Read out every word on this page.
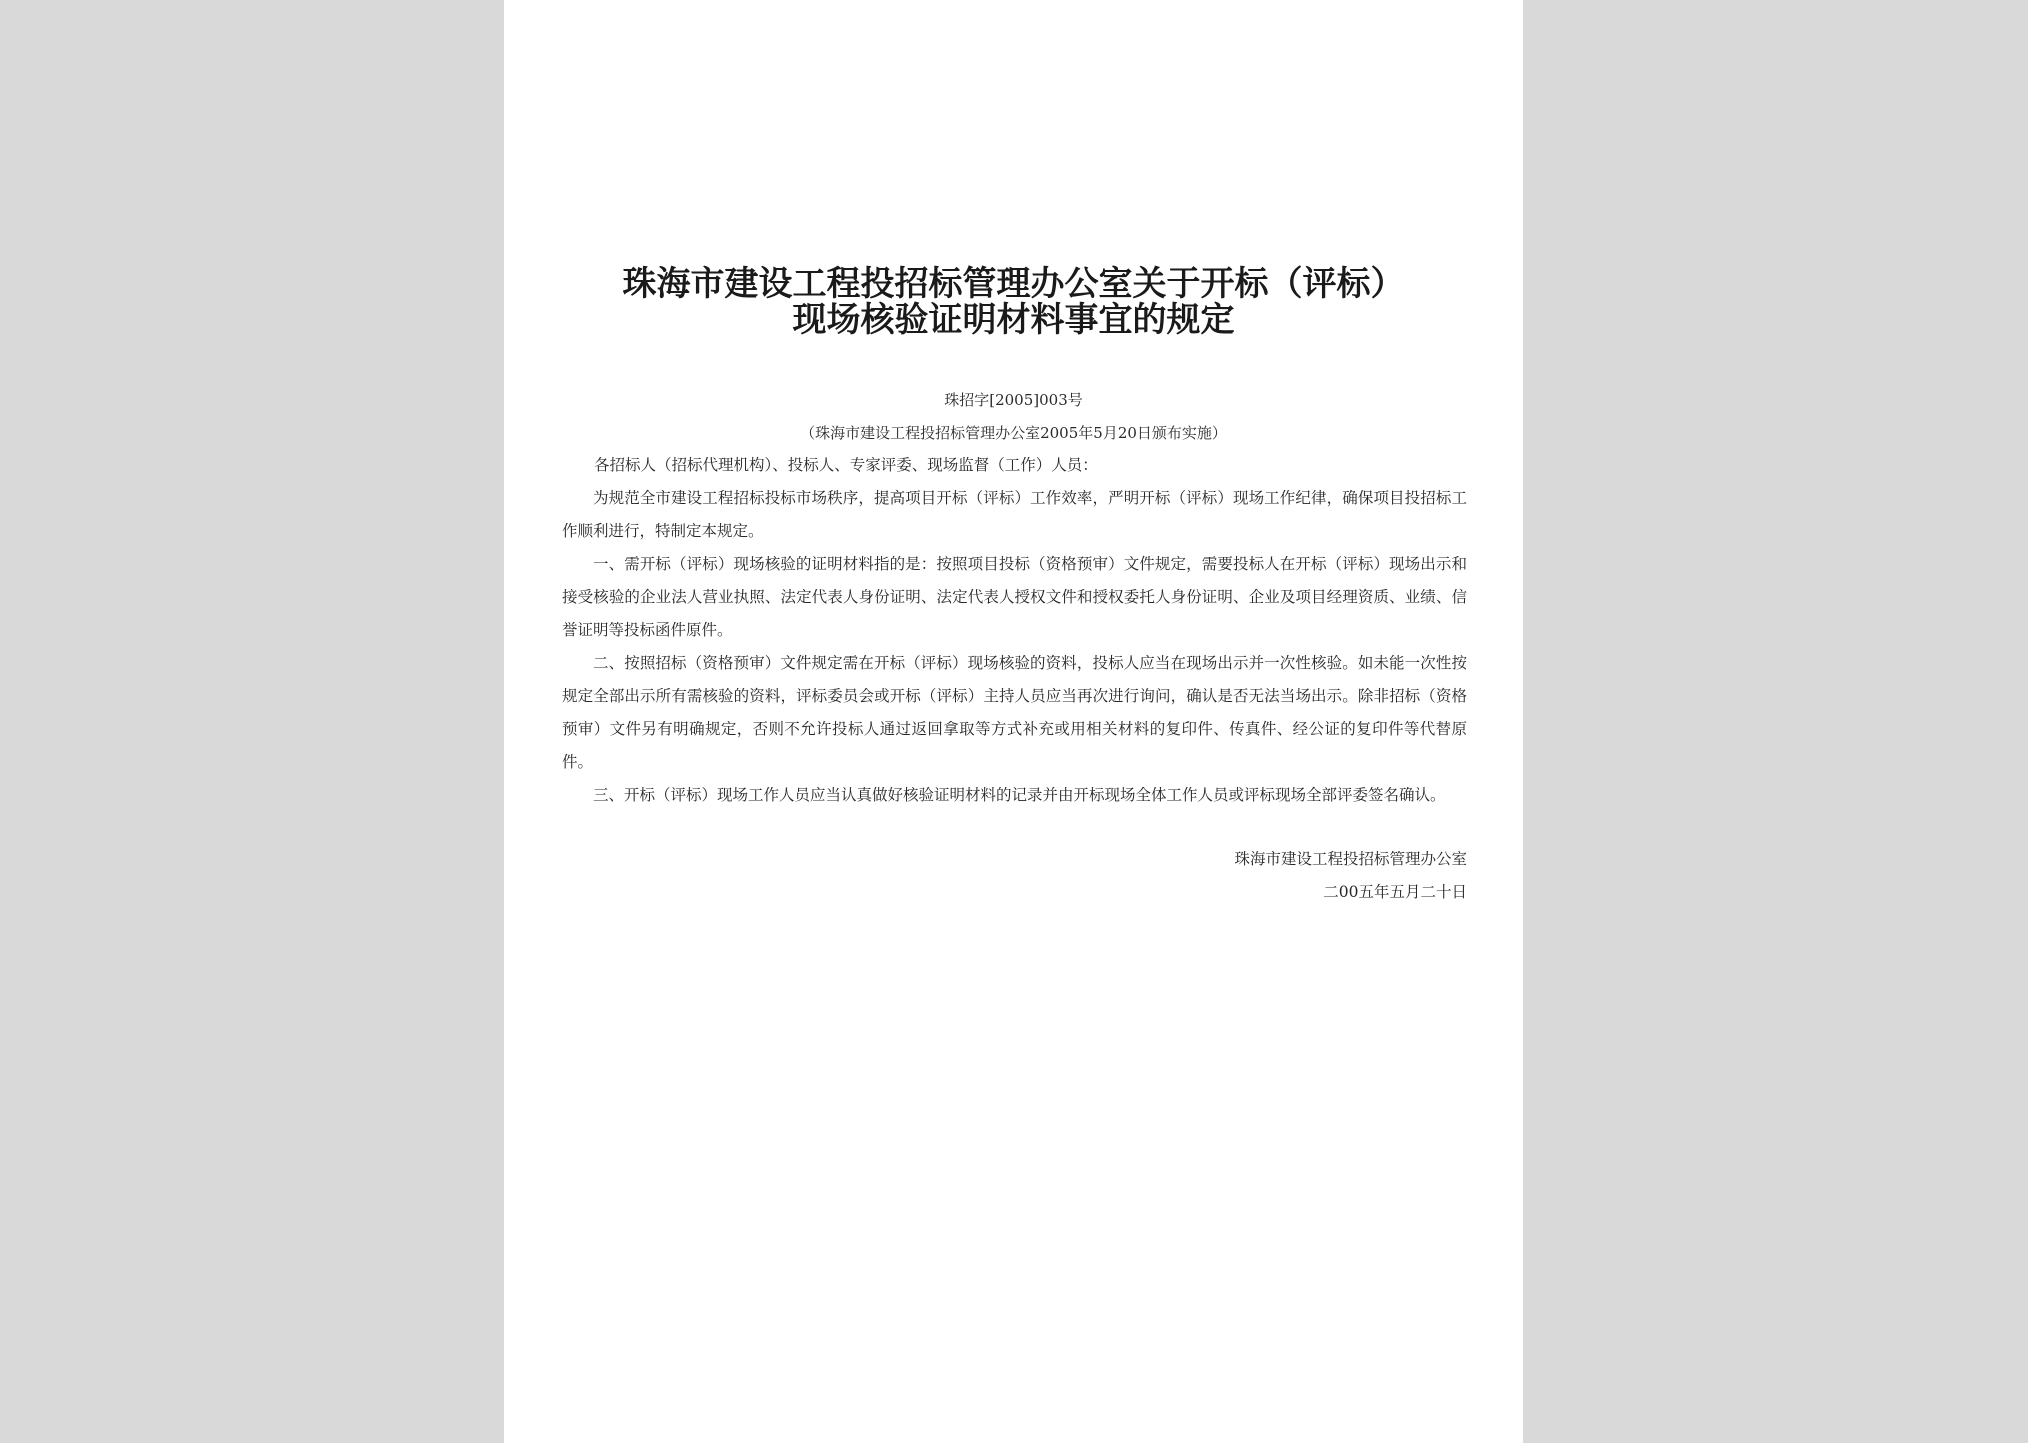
珠海市建设工程投招标管理办公室关于开标（评标）
现场核验证明材料事宜的规定
珠招字[2005]003号
（珠海市建设工程投招标管理办公室2005年5月20日颁布实施）
各招标人（招标代理机构）、投标人、专家评委、现场监督（工作）人员：

为规范全市建设工程招标投标市场秩序，提高项目开标（评标）工作效率，严明开标（评标）现场工作纪律，确保项目投招标工作顺利进行，特制定本规定。

一、需开标（评标）现场核验的证明材料指的是：按照项目投标（资格预审）文件规定，需要投标人在开标（评标）现场出示和接受核验的企业法人营业执照、法定代表人身份证明、法定代表人授权文件和授权委托人身份证明、企业及项目经理资质、业绩、信誉证明等投标函件原件。

二、按照招标（资格预审）文件规定需在开标（评标）现场核验的资料，投标人应当在现场出示并一次性核验。如未能一次性按规定全部出示所有需核验的资料，评标委员会或开标（评标）主持人员应当再次进行询问，确认是否无法当场出示。除非招标（资格预审）文件另有明确规定，否则不允许投标人通过返回拿取等方式补充或用相关材料的复印件、传真件、经公证的复印件等代替原件。

三、开标（评标）现场工作人员应当认真做好核验证明材料的记录并由开标现场全体工作人员或评标现场全部评委签名确认。

珠海市建设工程投招标管理办公室
二00五年五月二十日
